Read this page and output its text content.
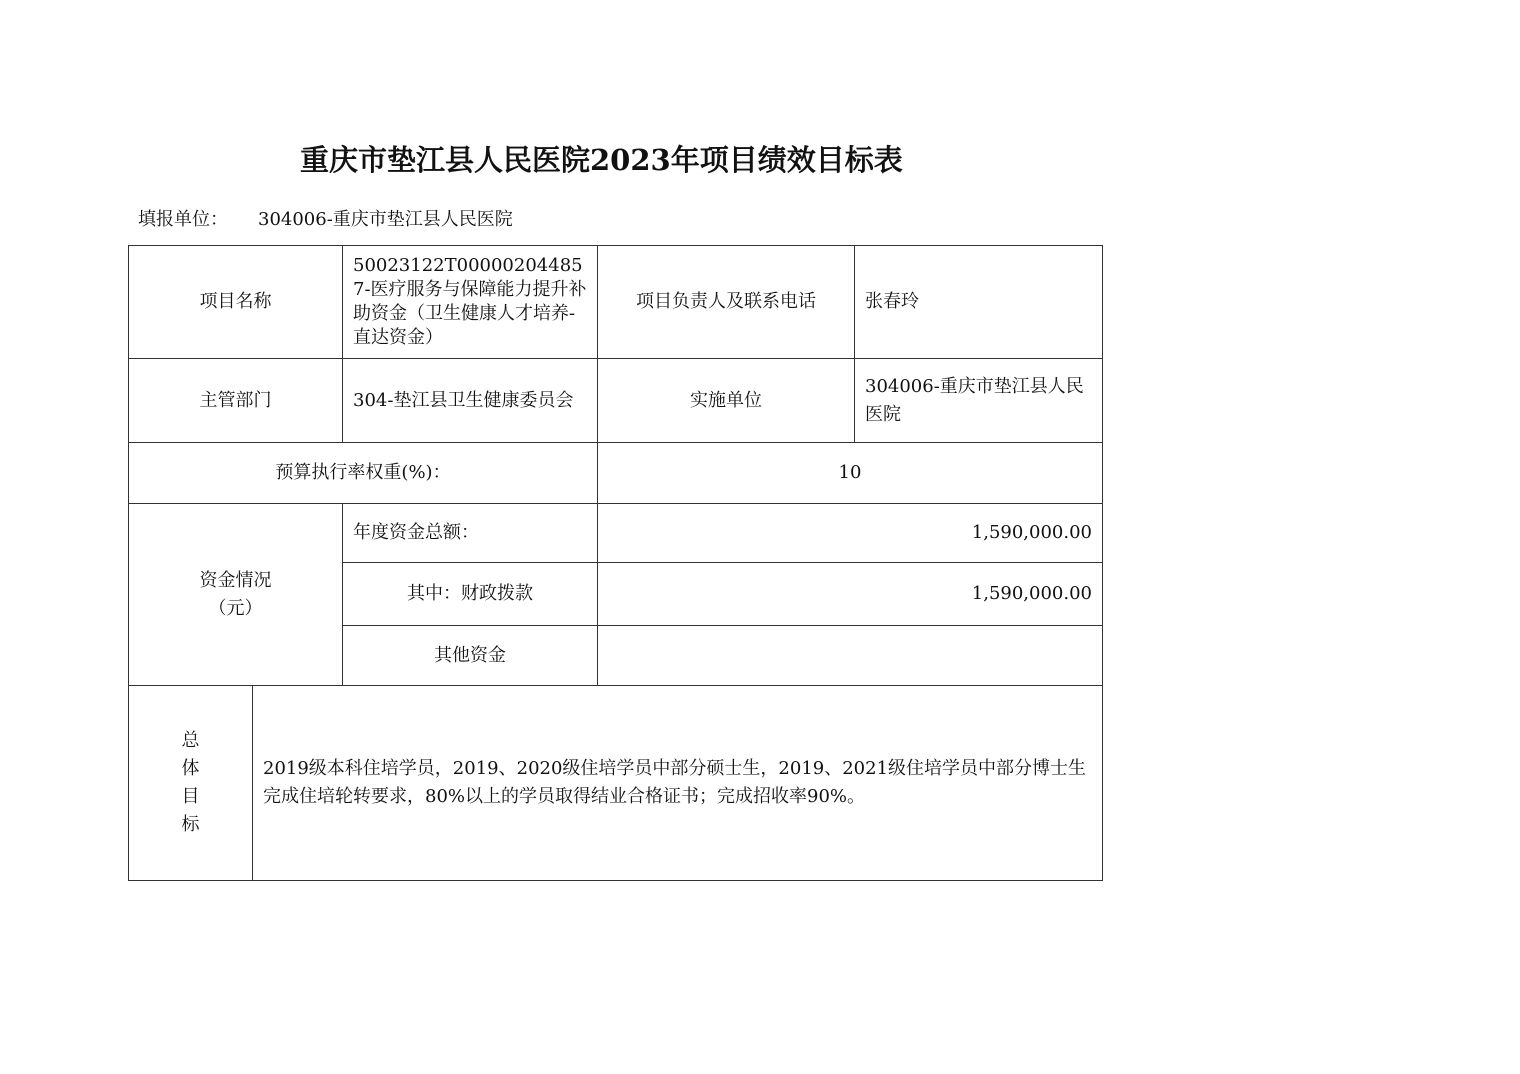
重庆市垫江县人民医院2023年项目绩效目标表
填报单位： 304006-重庆市垫江县人民医院
项目名称		50023122T000002044857-医疗服务与保障能力提升补助资金（卫生健康人才培养-直达资金）	项目负责人及联系电话	张春玲
主管部门		304-垫江县卫生健康委员会	实施单位	304006-重庆市垫江县人民医院
预算执行率权重(%)：			10	

资金情况
（元）		年度资金总额：	1,590,000.00	
		其中：财政拨款	1,590,000.00	
		其他资金		

总
体
目
标	2019级本科住培学员，2019、2020级住培学员中部分硕士生，2019、2021级住培学员中部分博士生完成住培轮转要求，80%以上的学员取得结业合格证书；完成招收率90%。			
